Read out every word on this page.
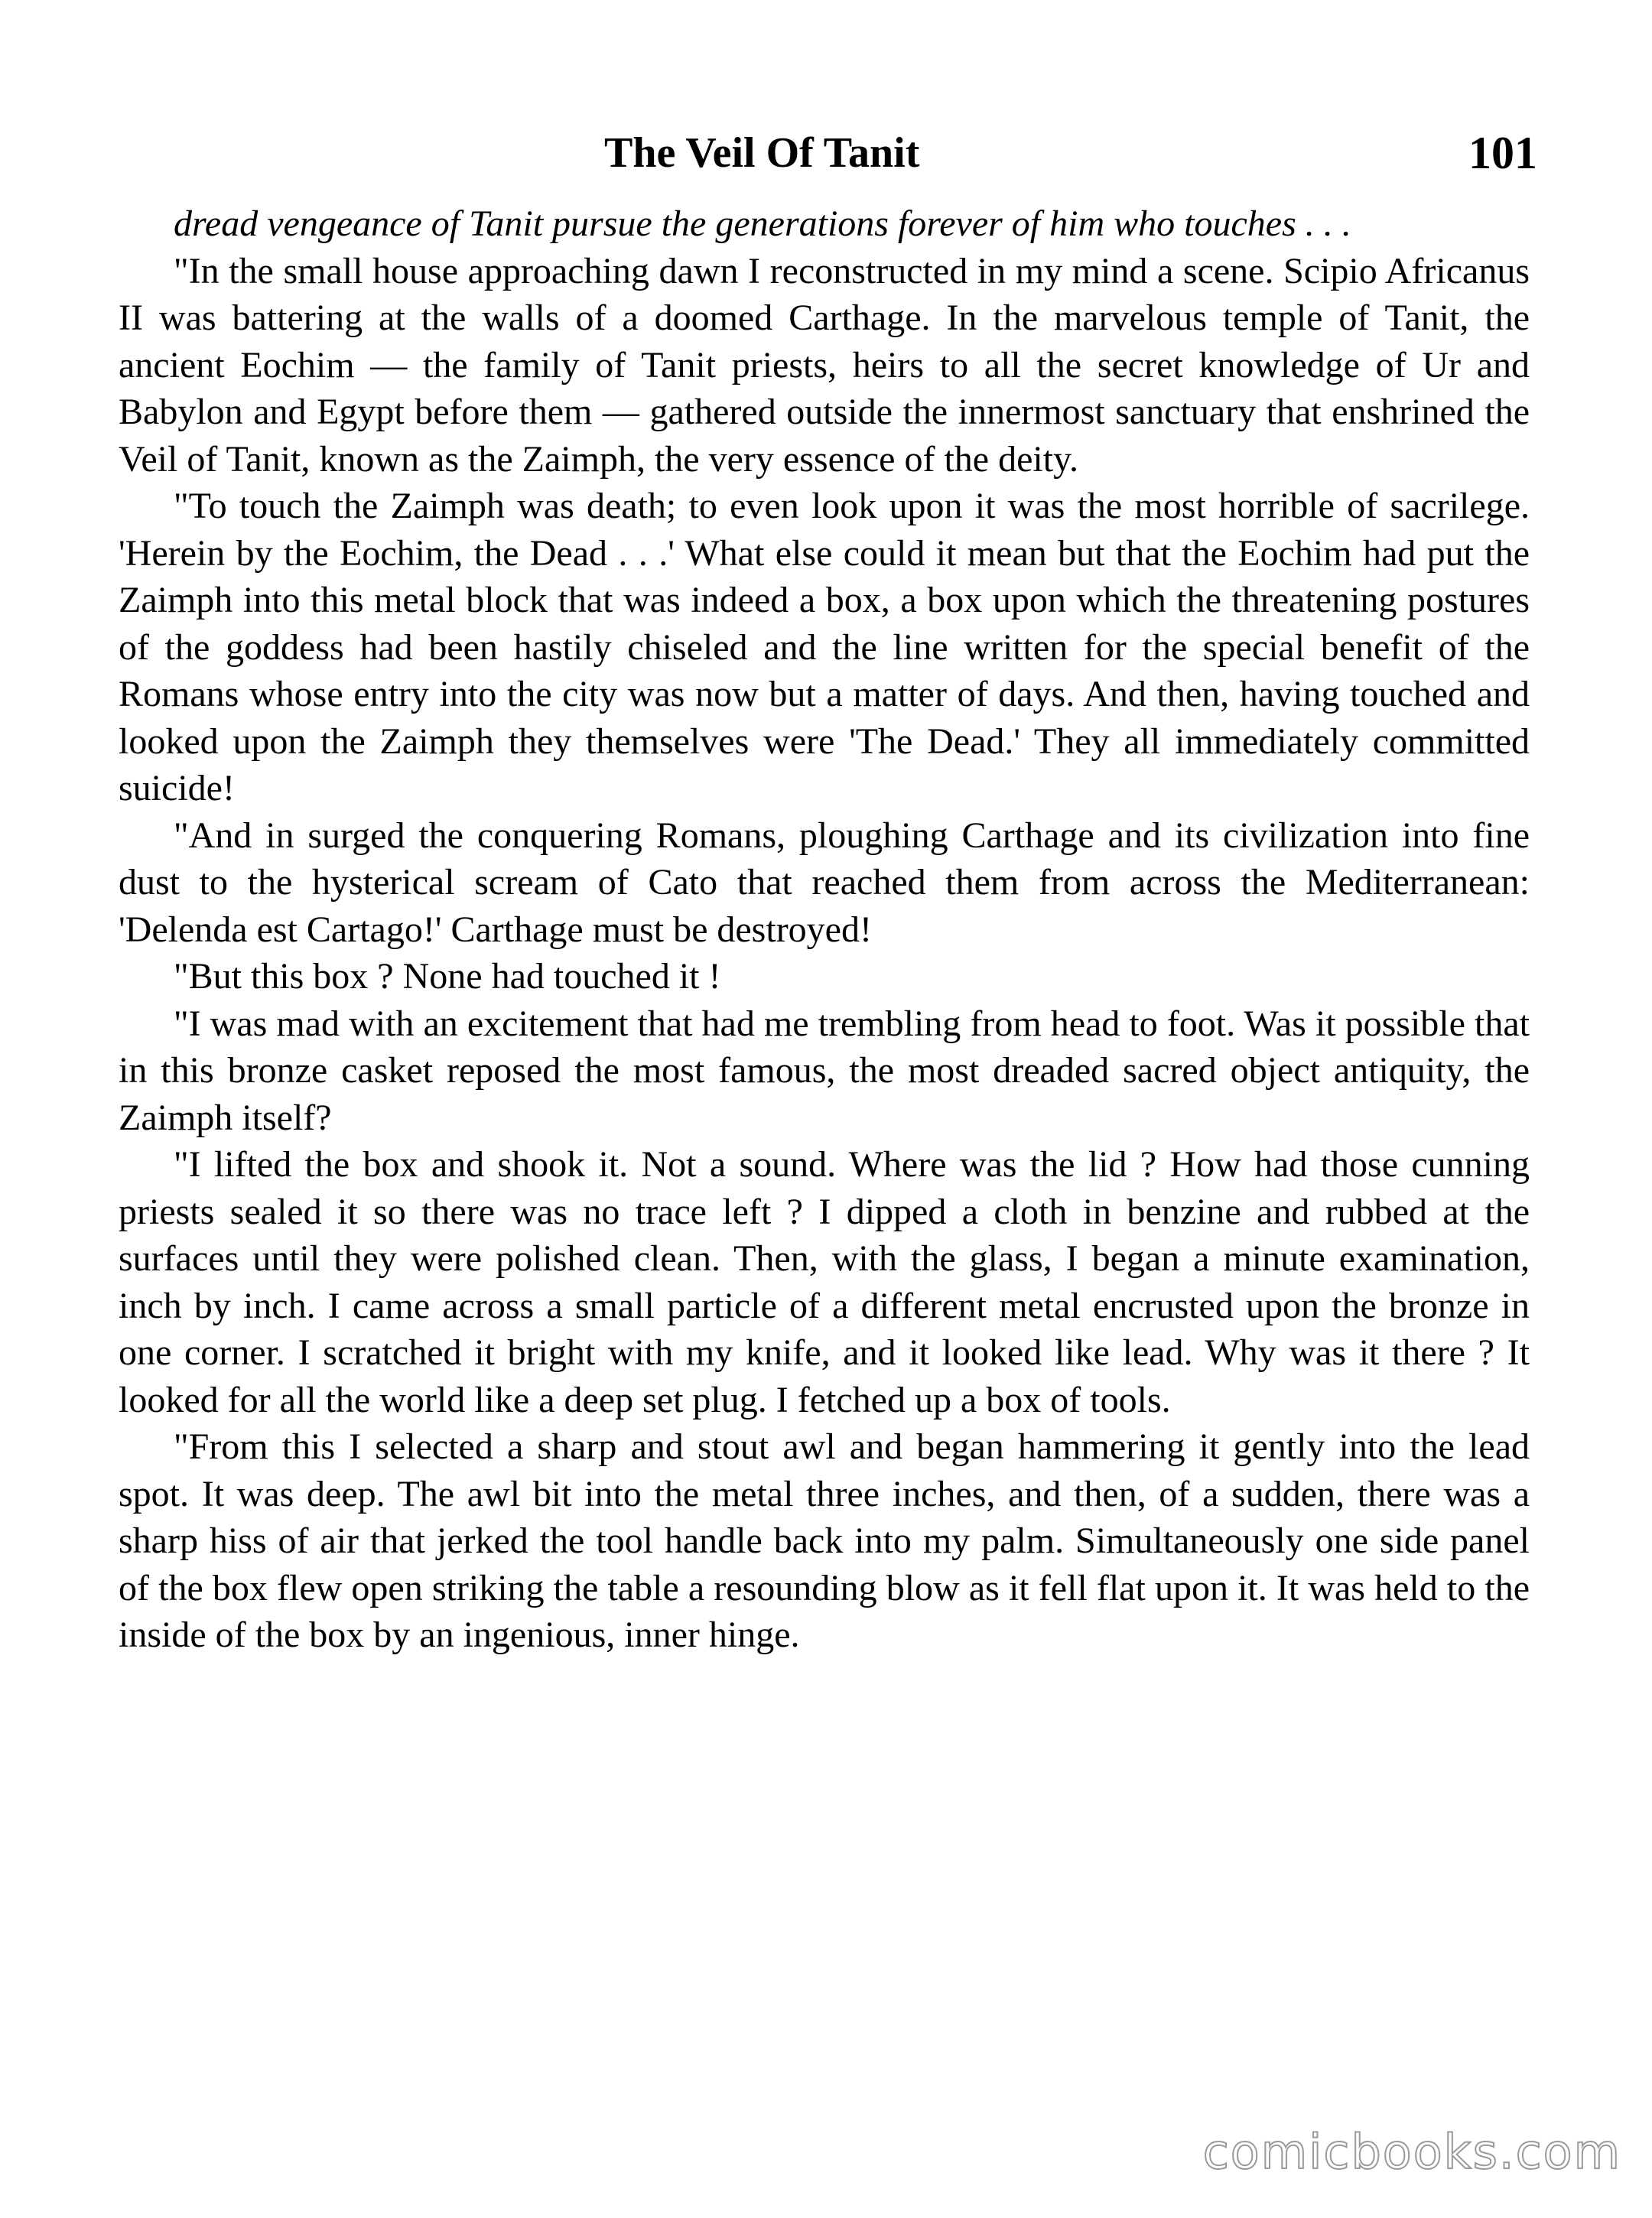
The Veil Of Tanit	101

dread vengeance of Tanit pursue the generations forever of him who touches . . .

"In the small house approaching dawn I reconstructed in my mind a scene. Scipio Africanus II was battering at the walls of a doomed Carthage. In the marvelous temple of Tanit, the ancient Eochim — the family of Tanit priests, heirs to all the secret knowledge of Ur and Babylon and Egypt before them — gathered outside the innermost sanctuary that enshrined the Veil of Tanit, known as the Zaimph, the very essence of the deity.

"To touch the Zaimph was death; to even look upon it was the most horrible of sacrilege. 'Herein by the Eochim, the Dead . . .' What else could it mean but that the Eochim had put the Zaimph into this metal block that was indeed a box, a box upon which the threatening postures of the goddess had been hastily chiseled and the line written for the special benefit of the Romans whose entry into the city was now but a matter of days. And then, having touched and looked upon the Zaimph they themselves were 'The Dead.' They all immediately committed suicide!

"And in surged the conquering Romans, ploughing Carthage and its civilization into fine dust to the hysterical scream of Cato that reached them from across the Mediterranean: 'Delenda est Cartago!' Carthage must be destroyed!

"But this box ? None had touched it !

"I was mad with an excitement that had me trembling from head to foot. Was it possible that in this bronze casket reposed the most famous, the most dreaded sacred object antiquity, the Zaimph itself?

"I lifted the box and shook it. Not a sound. Where was the lid ? How had those cunning priests sealed it so there was no trace left ? I dipped a cloth in benzine and rubbed at the surfaces until they were polished clean. Then, with the glass, I began a minute examination, inch by inch. I came across a small particle of a different metal encrusted upon the bronze in one corner. I scratched it bright with my knife, and it looked like lead. Why was it there ? It looked for all the world like a deep set plug. I fetched up a box of tools.

"From this I selected a sharp and stout awl and began hammering it gently into the lead spot. It was deep. The awl bit into the metal three inches, and then, of a sudden, there was a sharp hiss of air that jerked the tool handle back into my palm. Simultaneously one side panel of the box flew open striking the table a resounding blow as it fell flat upon it. It was held to the inside of the box by an ingenious, inner hinge.

comicbooks.com
